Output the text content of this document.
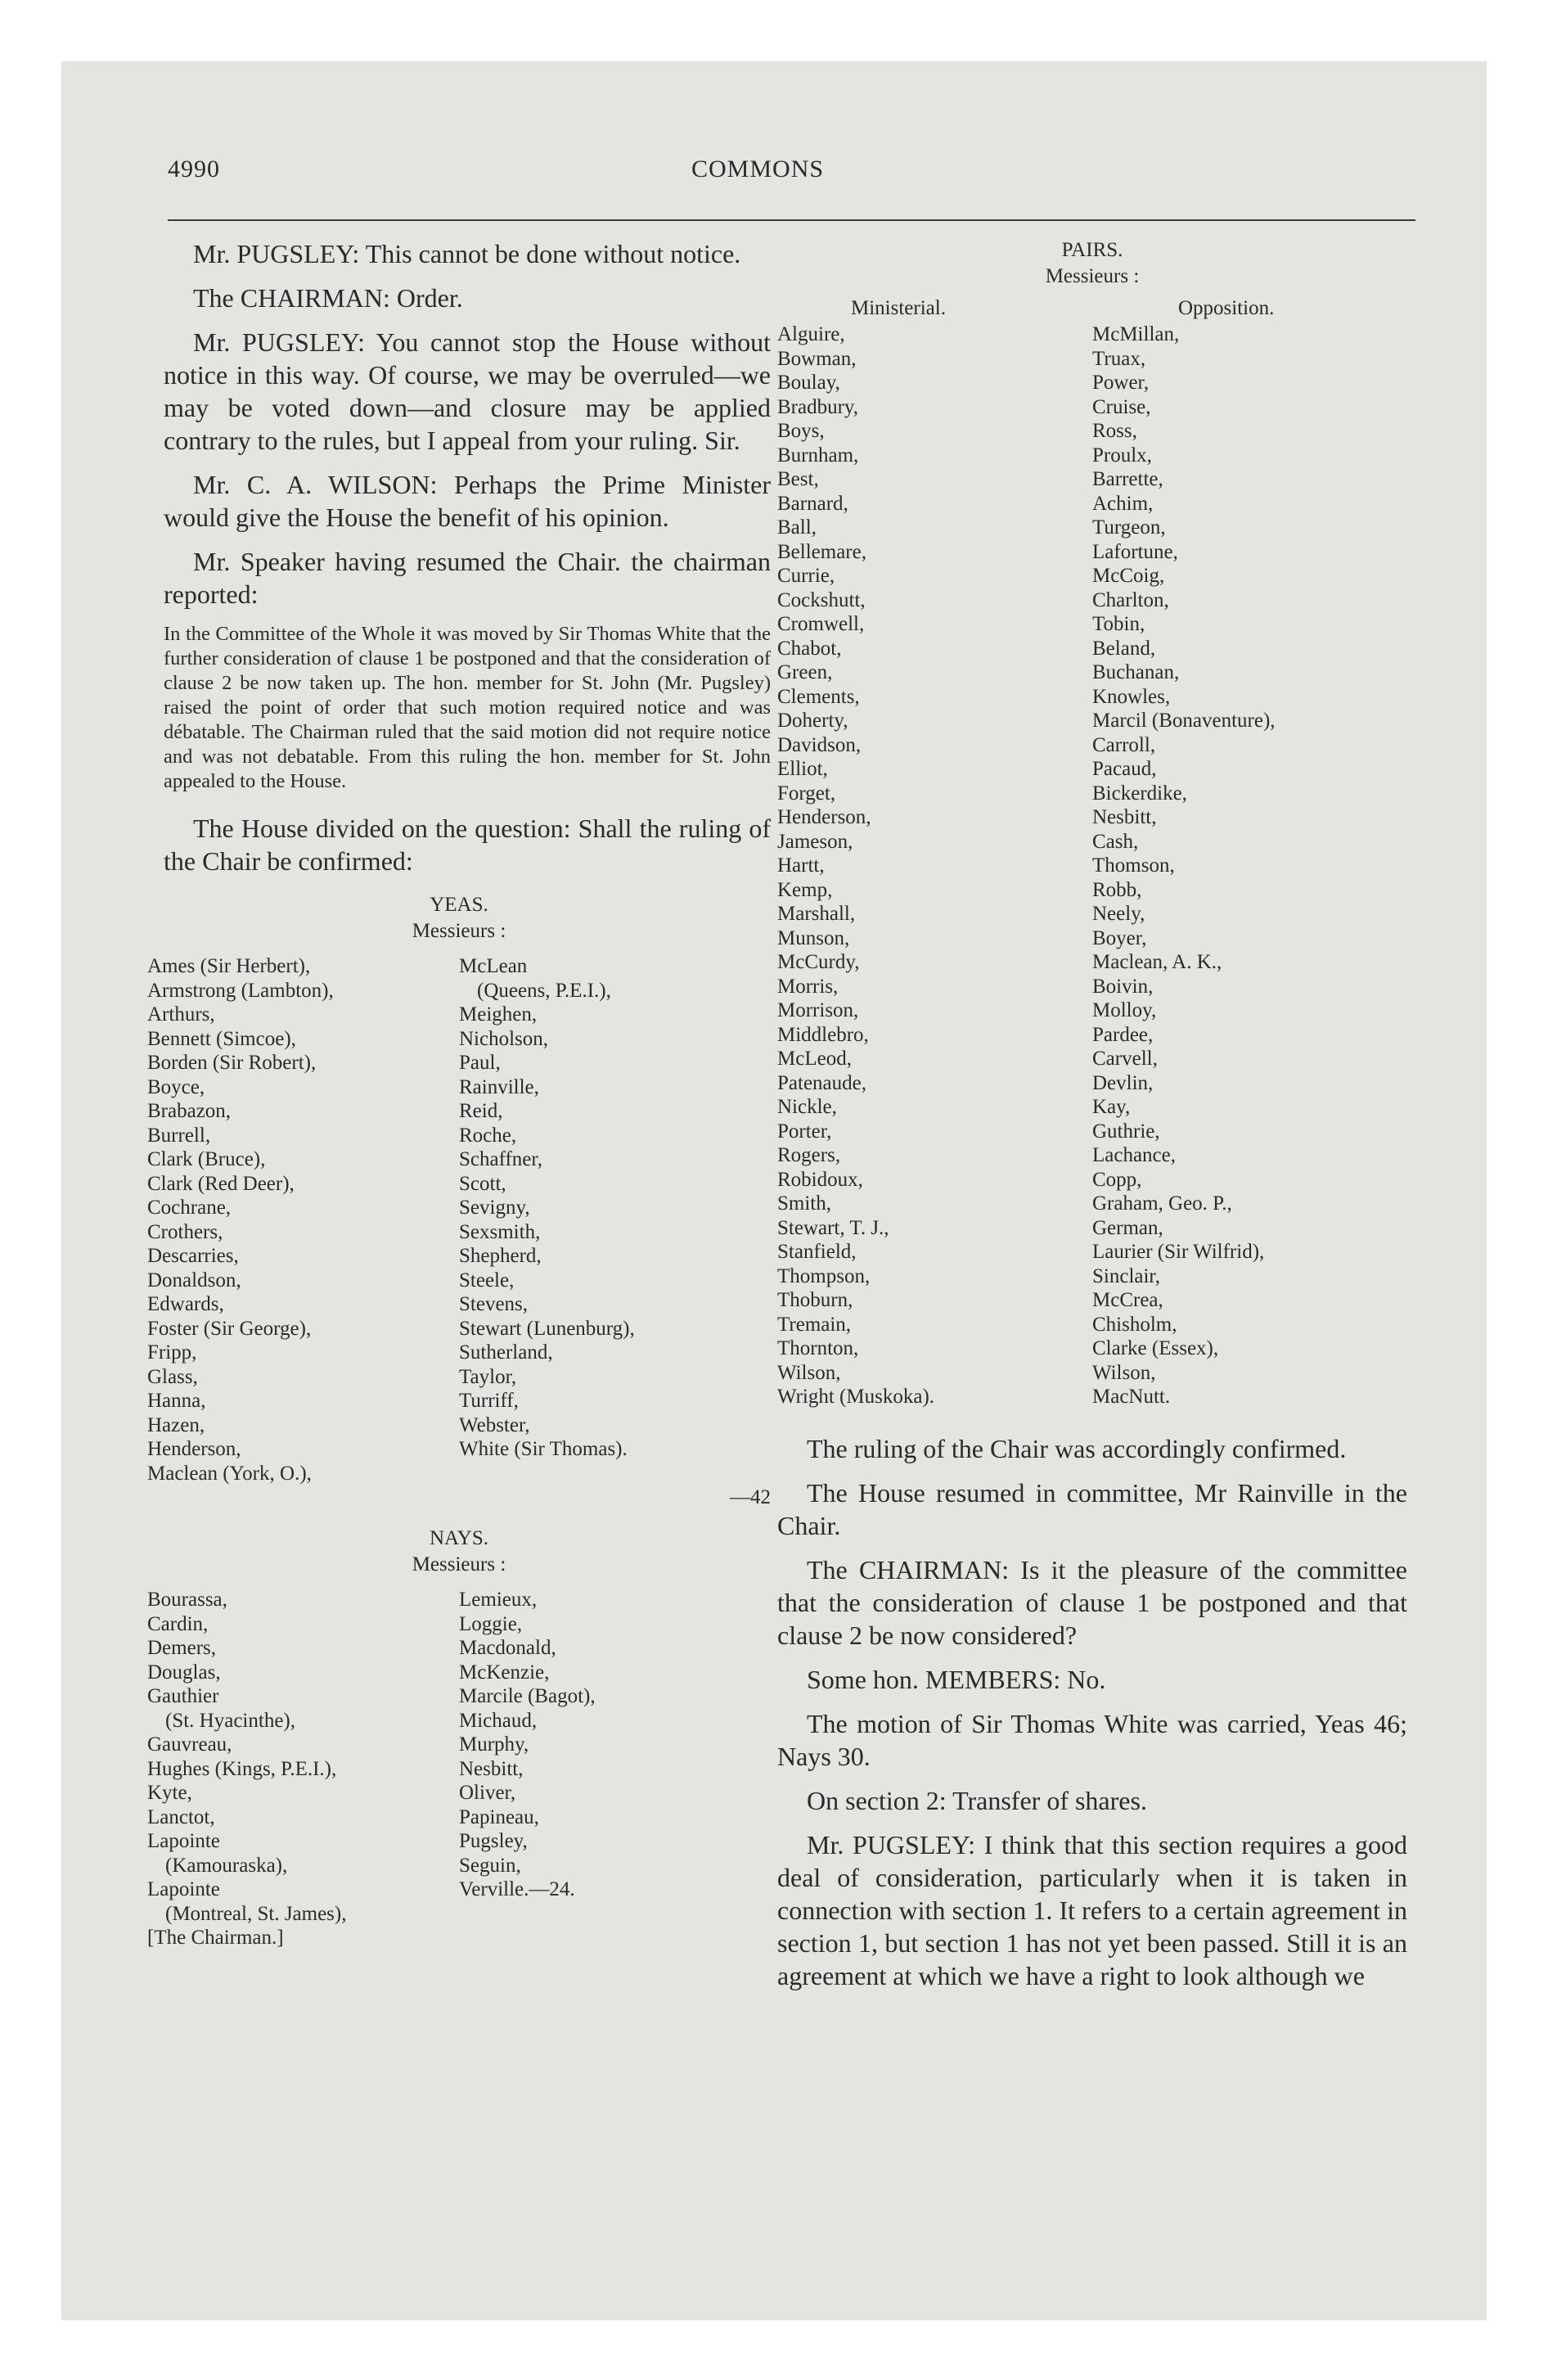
4990	COMMONS

Mr. PUGSLEY: This cannot be done without notice.

The CHAIRMAN: Order.

Mr. PUGSLEY: You cannot stop the House without notice in this way. Of course, we may be overruled—we may be voted down—and closure may be applied contrary to the rules, but I appeal from your ruling. Sir.

Mr. C. A. WILSON: Perhaps the Prime Minister would give the House the benefit of his opinion.

Mr. Speaker having resumed the Chair. the chairman reported:

In the Committee of the Whole it was moved by Sir Thomas White that the further consideration of clause 1 be postponed and that the consideration of clause 2 be now taken up. The hon. member for St. John (Mr. Pugsley) raised the point of order that such motion required notice and was débatable. The Chairman ruled that the said motion did not require notice and was not debatable. From this ruling the hon. member for St. John appealed to the House.

The House divided on the question: Shall the ruling of the Chair be confirmed:

YEAS.
Messieurs :
Ames (Sir Herbert),	McLean
Armstrong (Lambton),	(Queens, P.E.I.),
Arthurs,	Meighen,
Bennett (Simcoe),	Nicholson,
Borden (Sir Robert),	Paul,
Boyce,	Rainville,
Brabazon,	Reid,
Burrell,	Roche,
Clark (Bruce),	Schaffner,
Clark (Red Deer),	Scott,
Cochrane,	Sevigny,
Crothers,	Sexsmith,
Descarries,	Shepherd,
Donaldson,	Steele,
Edwards,	Stevens,
Foster (Sir George),	Stewart (Lunenburg),
Fripp,	Sutherland,
Glass,	Taylor,
Hanna,	Turriff,
Hazen,	Webster,
Henderson,	White (Sir Thomas).
Maclean (York, O.),
—42
NAYS.
Messieurs :
Bourassa,	Lemieux,
Cardin,	Loggie,
Demers,	Macdonald,
Douglas,	McKenzie,
Gauthier	Marcile (Bagot),
(St. Hyacinthe),	Michaud,
Gauvreau,	Murphy,
Hughes (Kings, P.E.I.),	Nesbitt,
Kyte,	Oliver,
Lanctot,	Papineau,
Lapointe	Pugsley,
(Kamouraska),	Seguin,
Lapointe	Verville.—24.
(Montreal, St. James),
[The Chairman.]
PAIRS.
Messieurs :
Ministerial.	Opposition.
Alguire,	McMillan,
Bowman,	Truax,
Boulay,	Power,
Bradbury,	Cruise,
Boys,	Ross,
Burnham,	Proulx,
Best,	Barrette,
Barnard,	Achim,
Ball,	Turgeon,
Bellemare,	Lafortune,
Currie,	McCoig,
Cockshutt,	Charlton,
Cromwell,	Tobin,
Chabot,	Beland,
Green,	Buchanan,
Clements,	Knowles,
Doherty,	Marcil (Bonaventure),
Davidson,	Carroll,
Elliot,	Pacaud,
Forget,	Bickerdike,
Henderson,	Nesbitt,
Jameson,	Cash,
Hartt,	Thomson,
Kemp,	Robb,
Marshall,	Neely,
Munson,	Boyer,
McCurdy,	Maclean, A. K.,
Morris,	Boivin,
Morrison,	Molloy,
Middlebro,	Pardee,
McLeod,	Carvell,
Patenaude,	Devlin,
Nickle,	Kay,
Porter,	Guthrie,
Rogers,	Lachance,
Robidoux,	Copp,
Smith,	Graham, Geo. P.,
Stewart, T. J.,	German,
Stanfield,	Laurier (Sir Wilfrid),
Thompson,	Sinclair,
Thoburn,	McCrea,
Tremain,	Chisholm,
Thornton,	Clarke (Essex),
Wilson,	Wilson,
Wright (Muskoka).	MacNutt.

The ruling of the Chair was accordingly confirmed.

The House resumed in committee, Mr Rainville in the Chair.

The CHAIRMAN: Is it the pleasure of the committee that the consideration of clause 1 be postponed and that clause 2 be now considered?

Some hon. MEMBERS: No.

The motion of Sir Thomas White was carried, Yeas 46; Nays 30.

On section 2: Transfer of shares.

Mr. PUGSLEY: I think that this section requires a good deal of consideration, particularly when it is taken in connection with section 1. It refers to a certain agreement in section 1, but section 1 has not yet been passed. Still it is an agreement at which we have a right to look although we
